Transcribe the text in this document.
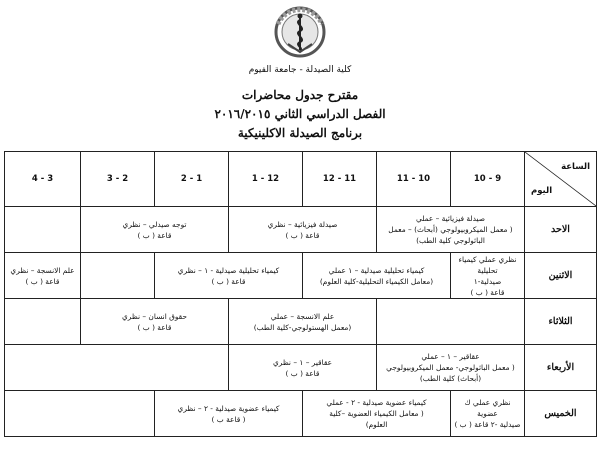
كلية الصيدلة - جامعة الفيوم
مقترح جدول محاضرات
الفصل الدراسي الثاني ٢٠١٦/٢٠١٥
برنامج الصيدلة الاكلينيكية
الساعة
اليوم	9 - 10	10 - 11	11 - 12	12 - 1	1 - 2	2 - 3	3 - 4
الاحد	صيدلة فيزيائية – عملي
( معمل الميكروبيولوجي (أبحاث) – معمل
الباثولوجي كلية الطب)		صيدلة فيزيائية – نظري
قاعة ( ب )		توجه صيدلي – نظري
قاعة ( ب )		

الاثنين	نظري عملي كيمياء تحليلية
صيدلية-١
قاعة ( ب )	كيمياء تحليلية صيدلية – ١ عملي
(معامل الكيمياء التحليلية-كلية العلوم)		كيمياء تحليلية صيدلية - ١ – نظري
قاعة ( ب )			علم الانسجة – نظري
قاعة ( ب )

الثلاثاء			علم الانسجة – عملي
(معمل الهستولوجي-كلية الطب)		حقوق انسان – نظري
قاعة ( ب )		

الأربعاء	عقاقير – ١ – عملي
( معمل الباثولوجي- معمل الميكروبيولوجي
(أبحاث) كلية الطب)		عقاقير – ١ – نظري
قاعة ( ب )				

الخميس	نظري عملي ك عضوية
صيدلية -٢ قاعة ( ب )	كيمياء عضوية صيدلية - ٢ - عملي
( معامل الكيمياء العضوية –كلية
العلوم)		كيمياء عضوية صيدلية - ٢ – نظري
( قاعة ب )			
